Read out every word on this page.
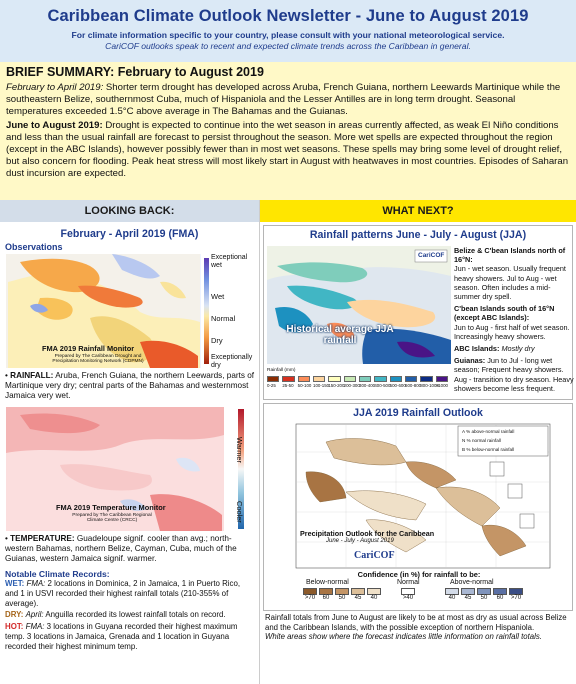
Caribbean Climate Outlook Newsletter - June to August 2019
For climate information specific to your country, please consult with your national meteorological service.
CariCOF outlooks speak to recent and expected climate trends across the Caribbean in general.
BRIEF SUMMARY: February to August 2019

February to April 2019: Shorter term drought has developed across Aruba, French Guiana, northern Leewards Martinique while the southeastern Belize, southernmost Cuba, much of Hispaniola and the Lesser Antilles are in long term drought. Seasonal temperatures exceeded 1.5°C above average in The Bahamas and the Guianas.

June to August 2019: Drought is expected to continue into the wet season in areas currently affected, as weak El Niño conditions and less than the usual rainfall are forecast to persist throughout the season. More wet spells are expected throughout the region (except in the ABC Islands), however possibly fewer than in most wet seasons. These spells may bring some level of drought relief, but also concern for flooding. Peak heat stress will most likely start in August with heatwaves in most countries. Episodes of Saharan dust incursion are expected.

LOOKING BACK:
February - April 2019 (FMA)
Observations
Exceptional wet
Wet
Normal
Dry
Exceptionally dry
FMA 2019 Rainfall Monitor
Prepared by The Caribbean Drought and Precipitation Monitoring Network (CDPMN)
• RAINFALL: Aruba, French Guiana, the northern Leewards, parts of Martinique very dry; central parts of the Bahamas and westernmost Jamaica very wet.
Warmer
Cooler
FMA 2019 Temperature Monitor
Prepared by The Caribbean Regional Climate Centre (CRCC)
• TEMPERATURE: Guadeloupe signif. cooler than avg.; north-western Bahamas, northern Belize, Cayman, Cuba, much of the Guianas, western Jamaica signif. warmer.
Notable Climate Records:
WET: FMA: 2 locations in Dominica, 2 in Jamaica, 1 in Puerto Rico, and 1 in USVI recorded their highest rainfall totals (210-355% of average).
DRY: April: Anguilla recorded its lowest rainfall totals on record.
HOT: FMA: 3 locations in Guyana recorded their highest maximum temp. 3 locations in Jamaica, Grenada and 1 location in Guyana recorded their highest minimum temp.
WHAT NEXT?
Rainfall patterns June - July - August (JJA)
CariCOF
Historical average JJA rainfall
Rainfall (mm)
0-25	25-50 50-100 100-150 150-200 200-300 300-400 400-500 500-600 600-800 800-1000
>1000
Belize & C'bean Islands north of 16°N:
Jun - wet season. Usually frequent heavy showers. Jul to Aug - wet season. Often includes a mid-summer dry spell.
C'bean Islands south of 16°N (except ABC Islands):
Jun to Aug - first half of wet season. Increasingly heavy showers.
ABC Islands: Mostly dry
Guianas: Jun to Jul - long wet season; Frequent heavy showers. Aug - transition to dry season. Heavy showers become less frequent.
JJA 2019 Rainfall Outlook
A % above-normal rainfall
N % normal rainfall
B % below-normal rainfall
Precipitation Outlook for the Caribbean
June - July - August 2019
CariCOF
Confidence (in %) for rainfall to be:
Below-normal	Normal	Above-normal
>70	60	50	45	40	>40	40	45	50	60	>70
Rainfall totals from June to August are likely to be at most as dry as usual across Belize and the Caribbean Islands, with the possible exception of northern Hispaniola.
White areas show where the forecast indicates little information on rainfall totals.
